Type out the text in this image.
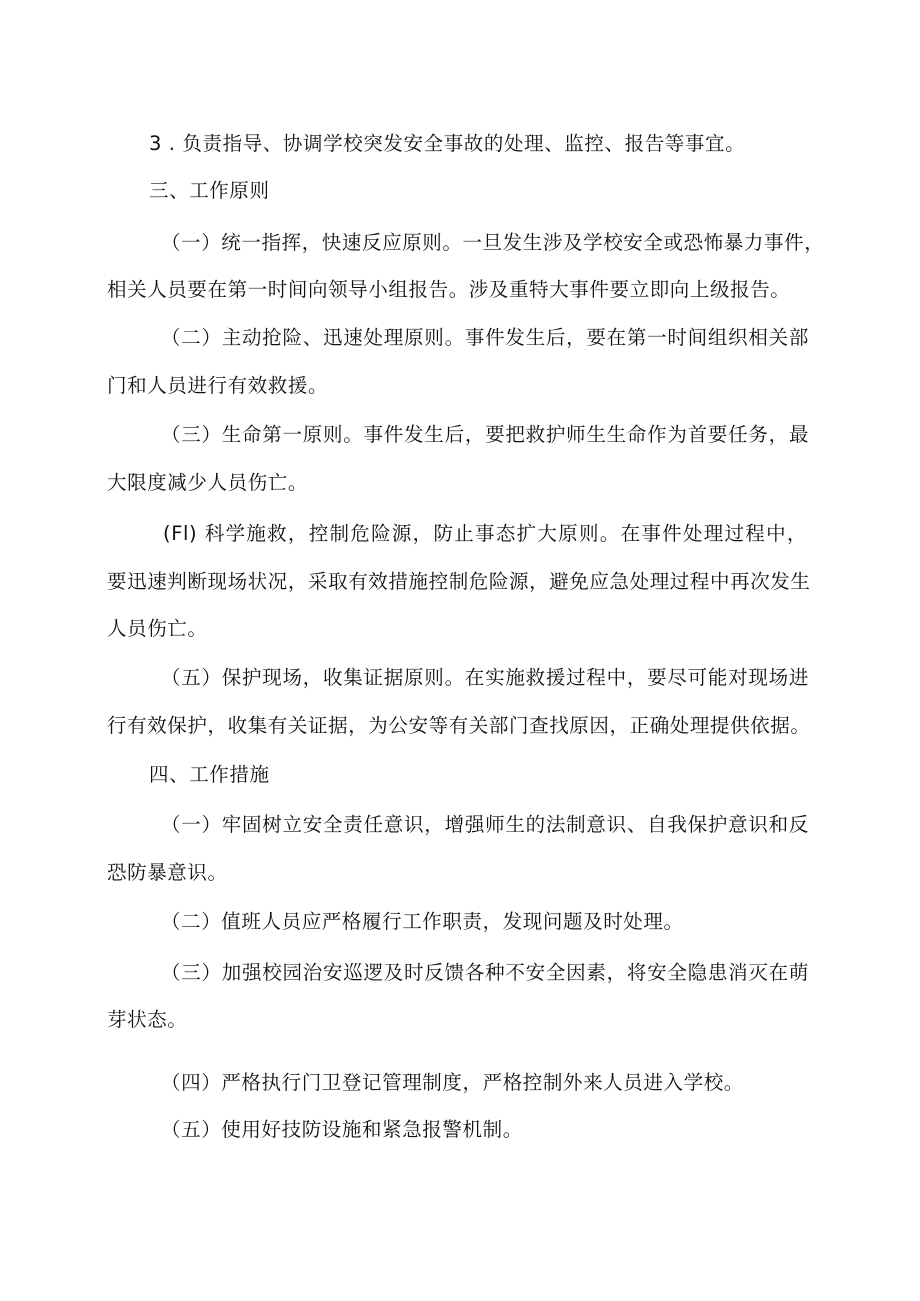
3 . 负责指导、协调学校突发安全事故的处理、监控、报告等事宜。
三、工作原则
（一）统一指挥，快速反应原则。一旦发生涉及学校安全或恐怖暴力事件，
相关人员要在第一时间向领导小组报告。涉及重特大事件要立即向上级报告。
（二）主动抢险、迅速处理原则。事件发生后，要在第一时间组织相关部
门和人员进行有效救援。
（三）生命第一原则。事件发生后，要把救护师生生命作为首要任务，最
大限度减少人员伤亡。
(Fl) 科学施救，控制危险源，防止事态扩大原则。在事件处理过程中，
要迅速判断现场状况，采取有效措施控制危险源，避免应急处理过程中再次发生
人员伤亡。
（五）保护现场，收集证据原则。在实施救援过程中，要尽可能对现场进
行有效保护，收集有关证据，为公安等有关部门查找原因，正确处理提供依据。
四、工作措施
（一）牢固树立安全责任意识，增强师生的法制意识、自我保护意识和反
恐防暴意识。
（二）值班人员应严格履行工作职责，发现问题及时处理。
（三）加强校园治安巡逻及时反馈各种不安全因素，将安全隐患消灭在萌
芽状态。
（四）严格执行门卫登记管理制度，严格控制外来人员进入学校。
（五）使用好技防设施和紧急报警机制。
